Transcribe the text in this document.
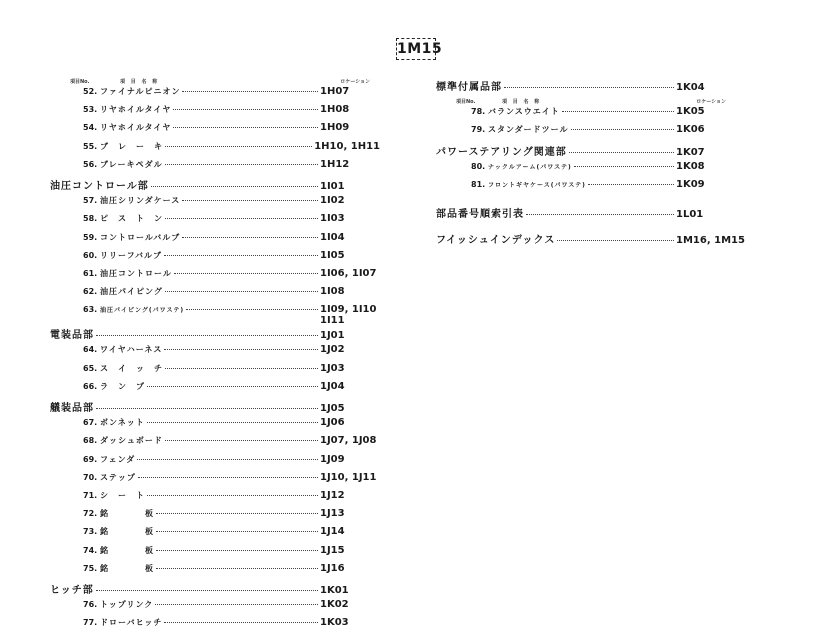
1M15
項目No.	項 目 名 称	ロケーション
52. ファイナルピニオン	1H07
53. リヤホイルタイヤ	1H08
54. リヤホイルタイヤ	1H09
55. ブ　レ　ー　キ	1H10, 1H11
56. ブレーキペダル	1H12
油圧コントロール部	1I01
57. 油圧シリンダケース	1I02
58. ピ　ス　ト　ン	1I03
59. コントロールバルブ	1I04
60. リリーフバルブ	1I05
61. 油圧コントロール	1I06, 1I07
62. 油圧パイピング	1I08
63. 油圧パイピング(パワステ)	1I09, 1I10
1I11
電装品部	1J01
64. ワイヤハーネス	1J02
65. ス　イ　ッ　チ	1J03
66. ラ　ン　プ	1J04
艤装品部	1J05
67. ボンネット	1J06
68. ダッシュボード	1J07, 1J08
69. フェンダ	1J09
70. ステップ	1J10, 1J11
71. シ　ー　ト	1J12
72. 銘　　　　板	1J13
73. 銘　　　　板	1J14
74. 銘　　　　板	1J15
75. 銘　　　　板	1J16
ヒッチ部	1K01
76. トップリンク	1K02
77. ドローバヒッチ	1K03
標準付属品部	1K04
項目No.	項 目 名 称	ロケーション
78. バランスウエイト	1K05
79. スタンダードツール	1K06
パワーステアリング関連部	1K07
80. ナックルアーム(パワステ)	1K08
81. フロントギヤケース(パワステ)	1K09
部品番号順索引表	1L01
フイッシュインデックス	1M16, 1M15
